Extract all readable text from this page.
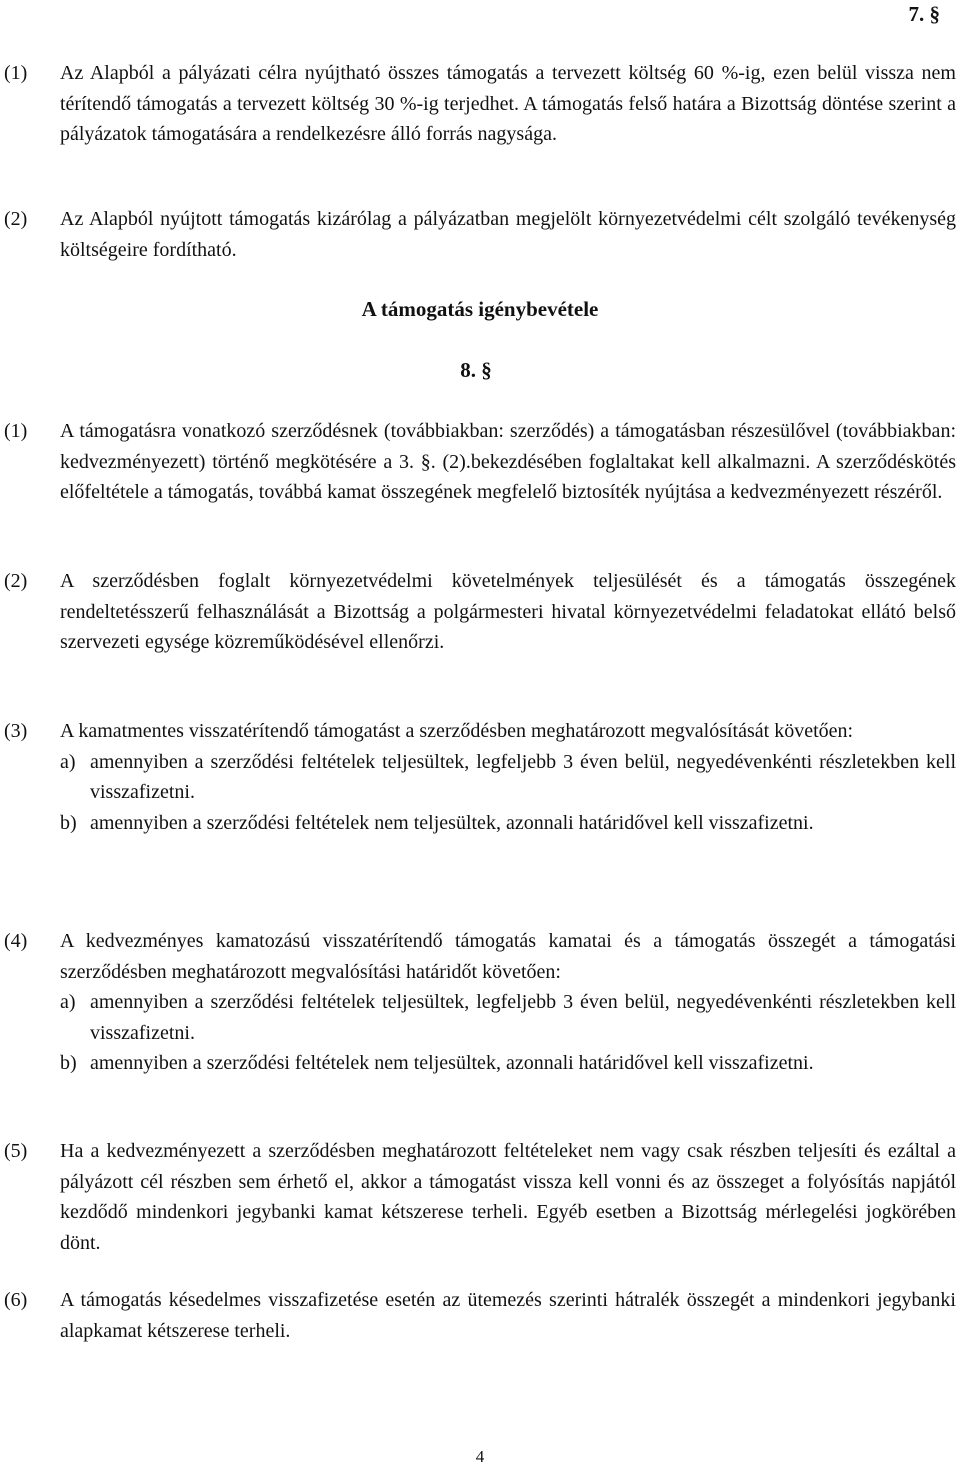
7. §
(1) Az Alapból a pályázati célra nyújtható összes támogatás a tervezett költség 60 %-ig, ezen belül vissza nem térítendő támogatás a tervezett költség 30 %-ig terjedhet. A támogatás felső határa a Bizottság döntése szerint a pályázatok támogatására a rendelkezésre álló forrás nagysága.
(2) Az Alapból nyújtott támogatás kizárólag a pályázatban megjelölt környezetvédelmi célt szolgáló tevékenység költségeire fordítható.
A támogatás igénybevétele
8. §
(1) A támogatásra vonatkozó szerződésnek (továbbiakban: szerződés) a támogatásban részesülővel (továbbiakban: kedvezményezett) történő megkötésére a 3. §. (2).bekezdésében foglaltakat kell alkalmazni. A szerződéskötés előfeltétele a támogatás, továbbá kamat összegének megfelelő biztosíték nyújtása a kedvezményezett részéről.
(2) A szerződésben foglalt környezetvédelmi követelmények teljesülését és a támogatás összegének rendeltetésszerű felhasználását a Bizottság a polgármesteri hivatal környezetvédelmi feladatokat ellátó belső szervezeti egysége közreműködésével ellenőrzi.
(3) A kamatmentes visszatérítendő támogatást a szerződésben meghatározott megvalósítását követően:
a) amennyiben a szerződési feltételek teljesültek, legfeljebb 3 éven belül, negyedévenkénti részletekben kell visszafizetni.
b) amennyiben a szerződési feltételek nem teljesültek, azonnali határidővel kell visszafizetni.
(4) A kedvezményes kamatozású visszatérítendő támogatás kamatai és a támogatás összegét a támogatási szerződésben meghatározott megvalósítási határidőt követően:
a) amennyiben a szerződési feltételek teljesültek, legfeljebb 3 éven belül, negyedévenkénti részletekben kell visszafizetni.
b) amennyiben a szerződési feltételek nem teljesültek, azonnali határidővel kell visszafizetni.
(5) Ha a kedvezményezett a szerződésben meghatározott feltételeket nem vagy csak részben teljesíti és ezáltal a pályázott cél részben sem érhető el, akkor a támogatást vissza kell vonni és az összeget a folyósítás napjától kezdődő mindenkori jegybanki kamat kétszerese terheli. Egyéb esetben a Bizottság mérlegelési jogkörében dönt.
(6) A támogatás késedelmes visszafizetése esetén az ütemezés szerinti hátralék összegét a mindenkori jegybanki alapkamat kétszerese terheli.
4
